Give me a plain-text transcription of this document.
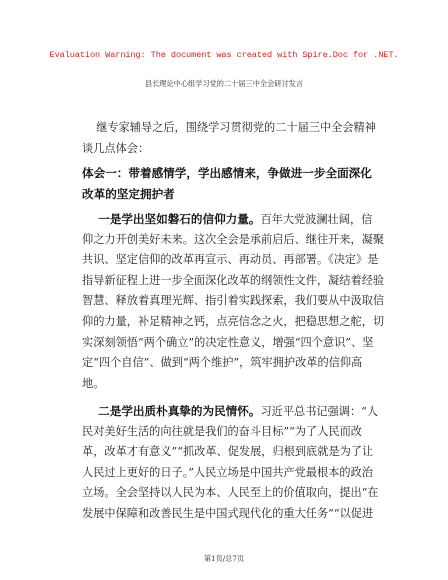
Evaluation Warning: The document was created with Spire.Doc for .NET.
县长理论中心组学习党的二十届三中全会研讨发言
继专家辅导之后，围绕学习贯彻党的二十届三中全会精神
谈几点体会：
体会一：带着感情学，学出感情来，争做进一步全面深化
改革的坚定拥护者
一是学出坚如磐石的信仰力量。百年大党波澜壮阔，信
仰之力开创美好未来。这次全会是承前启后、继往开来，凝聚
共识、坚定信仰的改革再宣示、再动员、再部署。《决定》是
指导新征程上进一步全面深化改革的纲领性文件，凝结着经验
智慧、释放着真理光辉、指引着实践探索，我们要从中汲取信
仰的力量，补足精神之钙，点亮信念之火，把稳思想之舵，切
实深刻领悟“两个确立”的决定性意义，增强“四个意识”、坚
定“四个自信”、做到“两个维护”，筑牢拥护改革的信仰高
地。
二是学出质朴真挚的为民情怀。习近平总书记强调：“人
民对美好生活的向往就是我们的奋斗目标”“为了人民而改
革，改革才有意义”“抓改革、促发展，归根到底就是为了让
人民过上更好的日子。”人民立场是中国共产党最根本的政治
立场。全会坚持以人民为本、人民至上的价值取向，提出“在
发展中保障和改善民生是中国式现代化的重大任务”“以促进
第1页/总7页
